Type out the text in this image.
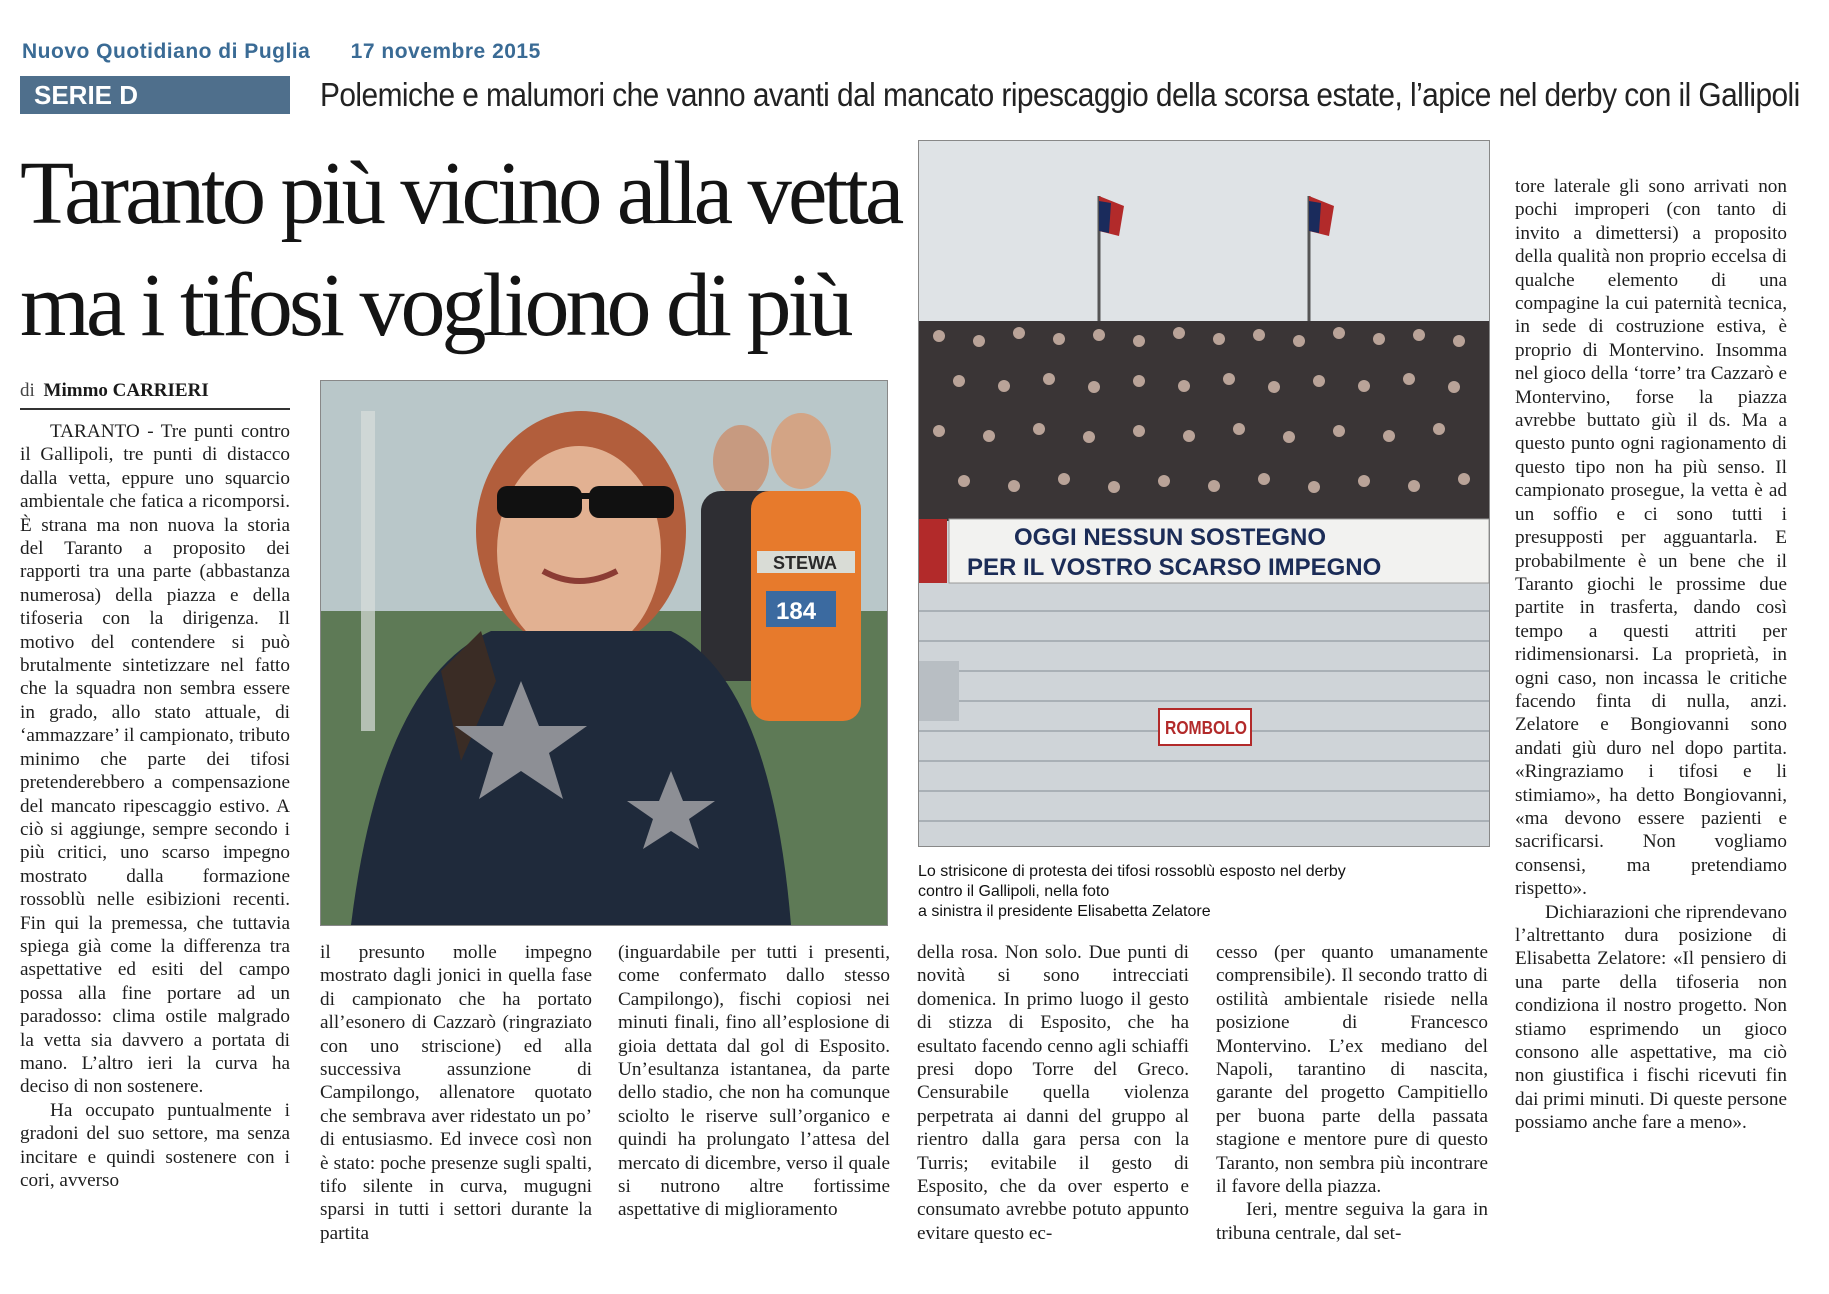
Nuovo Quotidiano di Puglia 17 novembre 2015
SERIE D	Polemiche e malumori che vanno avanti dal mancato ripescaggio della scorsa estate, l’apice nel derby con il Gallipoli
Taranto più vicino alla vetta
ma i tifosi vogliono di più
di Mimmo CARRIERI

TARANTO - Tre punti contro il Gallipoli, tre punti di distacco dalla vetta, eppure uno squarcio ambientale che fatica a ricomporsi. È strana ma non nuova la storia del Taranto a proposito dei rapporti tra una parte (abbastanza numerosa) della piazza e della tifoseria con la dirigenza. Il motivo del contendere si può brutalmente sintetizzare nel fatto che la squadra non sembra essere in grado, allo stato attuale, di ‘ammazzare’ il campionato, tributo minimo che parte dei tifosi pretenderebbero a compensazione del mancato ripescaggio estivo. A ciò si aggiunge, sempre secondo i più critici, uno scarso impegno mostrato dalla formazione rossoblù nelle esibizioni recenti. Fin qui la premessa, che tuttavia spiega già come la differenza tra aspettative ed esiti del campo possa alla fine portare ad un paradosso: clima ostile malgrado la vetta sia davvero a portata di mano. L’altro ieri la curva ha deciso di non sostenere.

Ha occupato puntualmente i gradoni del suo settore, ma senza incitare e quindi sostenere con i cori, avverso

STEWA
184
OGGI NESSUN SOSTEGNO
PER IL VOSTRO SCARSO IMPEGNO
ROMBOLO
Lo strisicone di protesta dei tifosi rossoblù esposto nel derby
contro il Gallipoli, nella foto
a sinistra il presidente Elisabetta Zelatore

il presunto molle impegno mostrato dagli jonici in quella fase di campionato che ha portato all’esonero di Cazzarò (ringraziato con uno striscione) ed alla successiva assunzione di Campilongo, allenatore quotato che sembrava aver ridestato un po’ di entusiasmo. Ed invece così non è stato: poche presenze sugli spalti, tifo silente in curva, mugugni sparsi in tutti i settori durante la partita

(inguardabile per tutti i presenti, come confermato dallo stesso Campilongo), fischi copiosi nei minuti finali, fino all’esplosione di gioia dettata dal gol di Esposito. Un’esultanza istantanea, da parte dello stadio, che non ha comunque sciolto le riserve sull’organico e quindi ha prolungato l’attesa del mercato di dicembre, verso il quale si nutrono altre fortissime aspettative di miglioramento

della rosa. Non solo. Due punti di novità si sono intrecciati domenica. In primo luogo il gesto di stizza di Esposito, che ha esultato facendo cenno agli schiaffi presi dopo Torre del Greco. Censurabile quella violenza perpetrata ai danni del gruppo al rientro dalla gara persa con la Turris; evitabile il gesto di Esposito, che da over esperto e consumato avrebbe potuto appunto evitare questo ec-

cesso (per quanto umanamente comprensibile). Il secondo tratto di ostilità ambientale risiede nella posizione di Francesco Montervino. L’ex mediano del Napoli, tarantino di nascita, garante del progetto Campitiello per buona parte della passata stagione e mentore pure di questo Taranto, non sembra più incontrare il favore della piazza.

Ieri, mentre seguiva la gara in tribuna centrale, dal set-

tore laterale gli sono arrivati non pochi improperi (con tanto di invito a dimettersi) a proposito della qualità non proprio eccelsa di qualche elemento di una compagine la cui paternità tecnica, in sede di costruzione estiva, è proprio di Montervino. Insomma nel gioco della ‘torre’ tra Cazzarò e Montervino, forse la piazza avrebbe buttato giù il ds. Ma a questo punto ogni ragionamento di questo tipo non ha più senso. Il campionato prosegue, la vetta è ad un soffio e ci sono tutti i presupposti per agguantarla. E probabilmente è un bene che il Taranto giochi le prossime due partite in trasferta, dando così tempo a questi attriti per ridimensionarsi. La proprietà, in ogni caso, non incassa le critiche facendo finta di nulla, anzi. Zelatore e Bongiovanni sono andati giù duro nel dopo partita. «Ringraziamo i tifosi e li stimiamo», ha detto Bongiovanni, «ma devono essere pazienti e sacrificarsi. Non vogliamo consensi, ma pretendiamo rispetto».

Dichiarazioni che riprendevano l’altrettanto dura posizione di Elisabetta Zelatore: «Il pensiero di una parte della tifoseria non condiziona il nostro progetto. Non stiamo esprimendo un gioco consono alle aspettative, ma ciò non giustifica i fischi ricevuti fin dai primi minuti. Di queste persone possiamo anche fare a meno».
